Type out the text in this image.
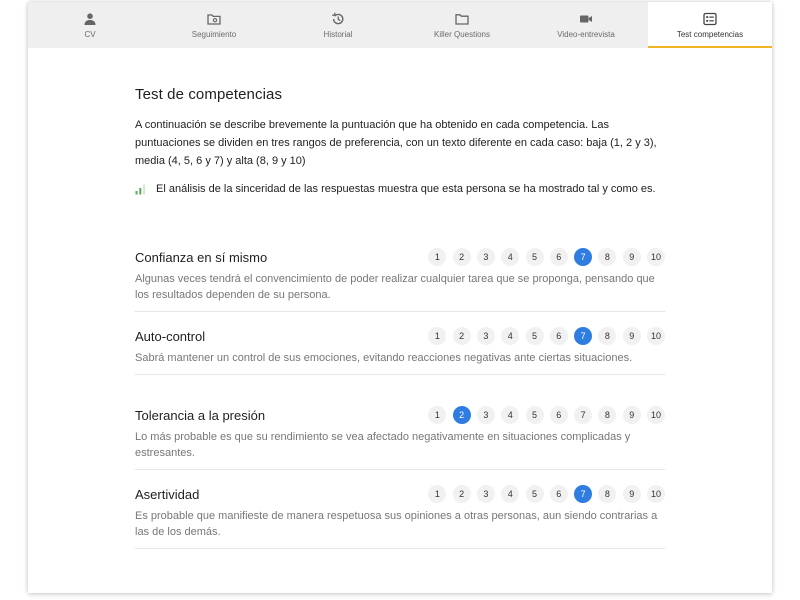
CV	Seguimiento	Historial	Killer Questions	Video-entrevista	Test competencias
Test de competencias

A continuación se describe brevemente la puntuación que ha obtenido en cada competencia. Las puntuaciones se dividen en tres rangos de preferencia, con un texto diferente en cada caso: baja (1, 2 y 3), media (4, 5, 6 y 7) y alta (8, 9 y 10)

El análisis de la sinceridad de las respuestas muestra que esta persona se ha mostrado tal y como es.
Confianza en sí mismo	1	2	3	4	5	6	7	8	9	10

Algunas veces tendrá el convencimiento de poder realizar cualquier tarea que se proponga, pensando que los resultados dependen de su persona.

Auto-control	1	2	3	4	5	6	7	8	9	10

Sabrá mantener un control de sus emociones, evitando reacciones negativas ante ciertas situaciones.

Tolerancia a la presión	1	2	3	4	5	6	7	8	9	10

Lo más probable es que su rendimiento se vea afectado negativamente en situaciones complicadas y estresantes.

Asertividad	1	2	3	4	5	6	7	8	9	10

Es probable que manifieste de manera respetuosa sus opiniones a otras personas, aun siendo contrarias a las de los demás.
